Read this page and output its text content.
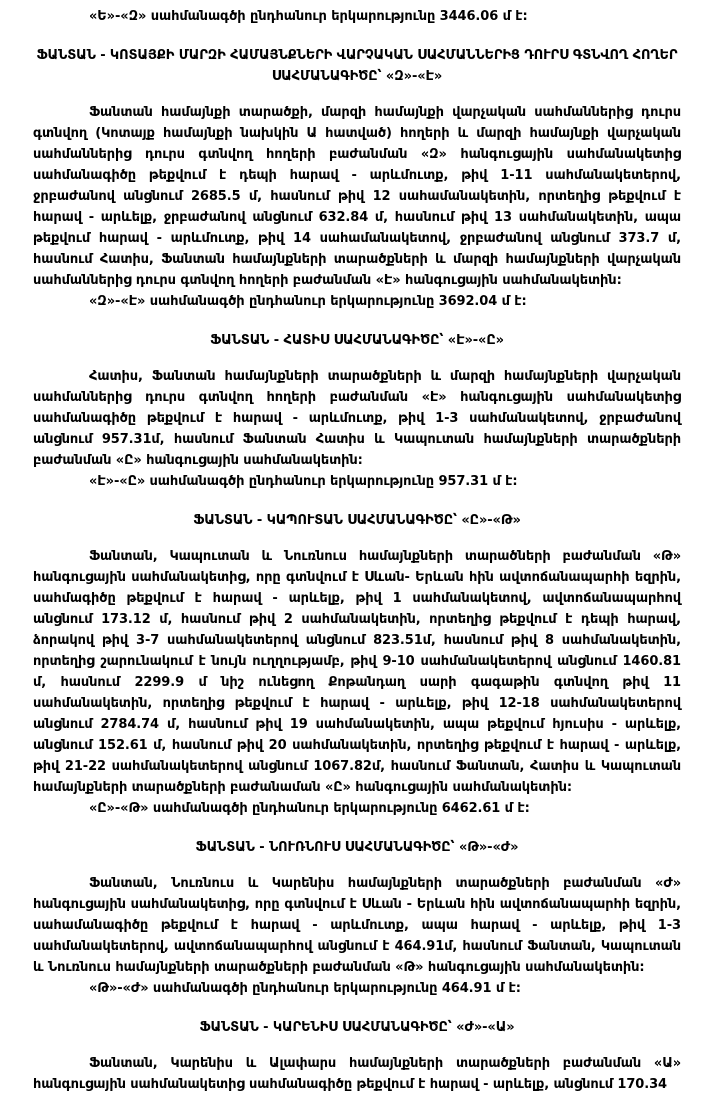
«Ե»-«Զ» սահմանագծի ընդհանուր երկարությունը 3446.06 մ է:

ՖԱՆՏԱՆ - ԿՈՏԱՅՔԻ ՄԱՐԶԻ ՀԱՄԱՅՆՔՆԵՐԻ ՎԱՐՉԱԿԱՆ ՍԱՀՄԱՆՆԵՐԻՑ ԴՈՒՐՍ ԳՏՆՎՈՂ ՀՈՂԵՐ ՍԱՀՄԱՆԱԳԻԾԸ՝ «Զ»-«Է»

Ֆանտան համայնքի տարածքի, մարզի համայնքի վարչական սահմաններից դուրս գտնվող (Կոտայք համայնքի նախկին Ա հատված) հողերի և մարզի համայնքի վարչական սահմաններից դուրս գտնվող հողերի բաժանման «Զ» հանգուցային սահմանակետից սահմանագիծը թեքվում է դեպի հարավ - արևմուտք, թիվ 1-11 սահմանակետերով, ջրբաժանով անցնում 2685.5 մ, հասնում թիվ 12 սահամանակետին, որտեղից թեքվում է հարավ - արևելք, ջրբաժանով անցնում 632.84 մ, հասնում թիվ 13 սահմանակետին, ապա թեքվում հարավ - արևմուտք, թիվ 14 սահամանակետով, ջրբաժանով անցնում 373.7 մ, հասնում Հատիս, Ֆանտան համայնքների տարածքների և մարզի համայնքների վարչական սահմաններից դուրս գտնվող հողերի բաժանման «Է» հանգուցային սահմանակետին:

«Զ»-«Է» սահմանագծի ընդհանուր երկարությունը 3692.04 մ է:

ՖԱՆՏԱՆ - ՀԱՏԻՍ ՍԱՀՄԱՆԱԳԻԾԸ՝ «Է»-«Ը»

Հատիս, Ֆանտան համայնքների տարածքների և մարզի համայնքների վարչական սահմաններից դուրս գտնվող հողերի բաժանման «Է» հանգուցային սահմանակետից սահմանագիծը թեքվում է հարավ - արևմուտք, թիվ 1-3 սահմանակետով, ջրբաժանով անցնում 957.31մ, հասնում Ֆանտան Հատիս և Կապուտան համայնքների տարածքների բաժանման «Ը» հանգուցային սահմանակետին:

«Է»-«Ը» սահմանագծի ընդհանուր երկարությունը 957.31 մ է:

ՖԱՆՏԱՆ - ԿԱՊՈՒՏԱՆ ՍԱՀՄԱՆԱԳԻԾԸ՝ «Ը»-«Թ»

Ֆանտան, Կապուտան և Նուռնուս համայնքների տարածների բաժանման «Թ» հանգուցային սահմանակետից, որը գտնվում է Սևան- Երևան հին ավտոճանապարհի եզրին, սահմագիծը թեքվում է հարավ - արևելք, թիվ 1 սահմանակետով, ավտոճանապարհով անցնում 173.12 մ, հասնում թիվ 2 սահմանակետին, որտեղից թեքվում է դեպի հարավ, ձորակով թիվ 3-7 սահմանակետերով անցնում 823.51մ, հասնում թիվ 8 սահմանակետին, որտեղից շարունակում է նույն ուղղությամբ, թիվ 9-10 սահմանակետերով անցնում 1460.81 մ, հասնում 2299.9 մ նիշ ունեցող Քոթանդաղ սարի գագաթին գտնվող թիվ 11 սահմանակետին, որտեղից թեքվում է հարավ - արևելք, թիվ 12-18 սահմանակետերով անցնում 2784.74 մ, հասնում թիվ 19 սահմանակետին, ապա թեքվում հյուսիս - արևելք, անցնում 152.61 մ, հասնում թիվ 20 սահմանակետին, որտեղից թեքվում է հարավ - արևելք, թիվ 21-22 սահմանակետերով անցնում 1067.82մ, հասնում Ֆանտան, Հատիս և Կապուտան համայնքների տարածքների բաժանաման «Ը» հանգուցային սահմանակետին:

«Ը»-«Թ» սահմանագծի ընդհանուր երկարությունը 6462.61 մ է:

ՖԱՆՏԱՆ - ՆՈՒՌՆՈՒՍ ՍԱՀՄԱՆԱԳԻԾԸ՝ «Թ»-«Ժ»

Ֆանտան, Նուռնուս և Կարենիս համայնքների տարածքների բաժանման «Ժ» հանգուցային սահմանակետից, որը գտնվում է Սևան - Երևան հին ավտոճանապարհի եզրին, սահամանագիծը թեքվում է հարավ - արևմուտք, ապա հարավ - արևելք, թիվ 1-3 սահմանակետերով, ավտոճանապարհով անցնում է 464.91մ, հասնում Ֆանտան, Կապուտան և Նուռնուս համայնքների տարածքների բաժանման «Թ» հանգուցային սահմանակետին:

«Թ»-«Ժ» սահմանագծի ընդհանուր երկարությունը 464.91 մ է:

ՖԱՆՏԱՆ - ԿԱՐԵՆԻՍ ՍԱՀՄԱՆԱԳԻԾԸ՝ «Ժ»-«Ա»

Ֆանտան, Կարենիս և Ալափարս համայնքների տարածքների բաժանման «Ա» հանգուցային սահմանակետից սահմանագիծը թեքվում է հարավ - արևելք, անցնում 170.34
